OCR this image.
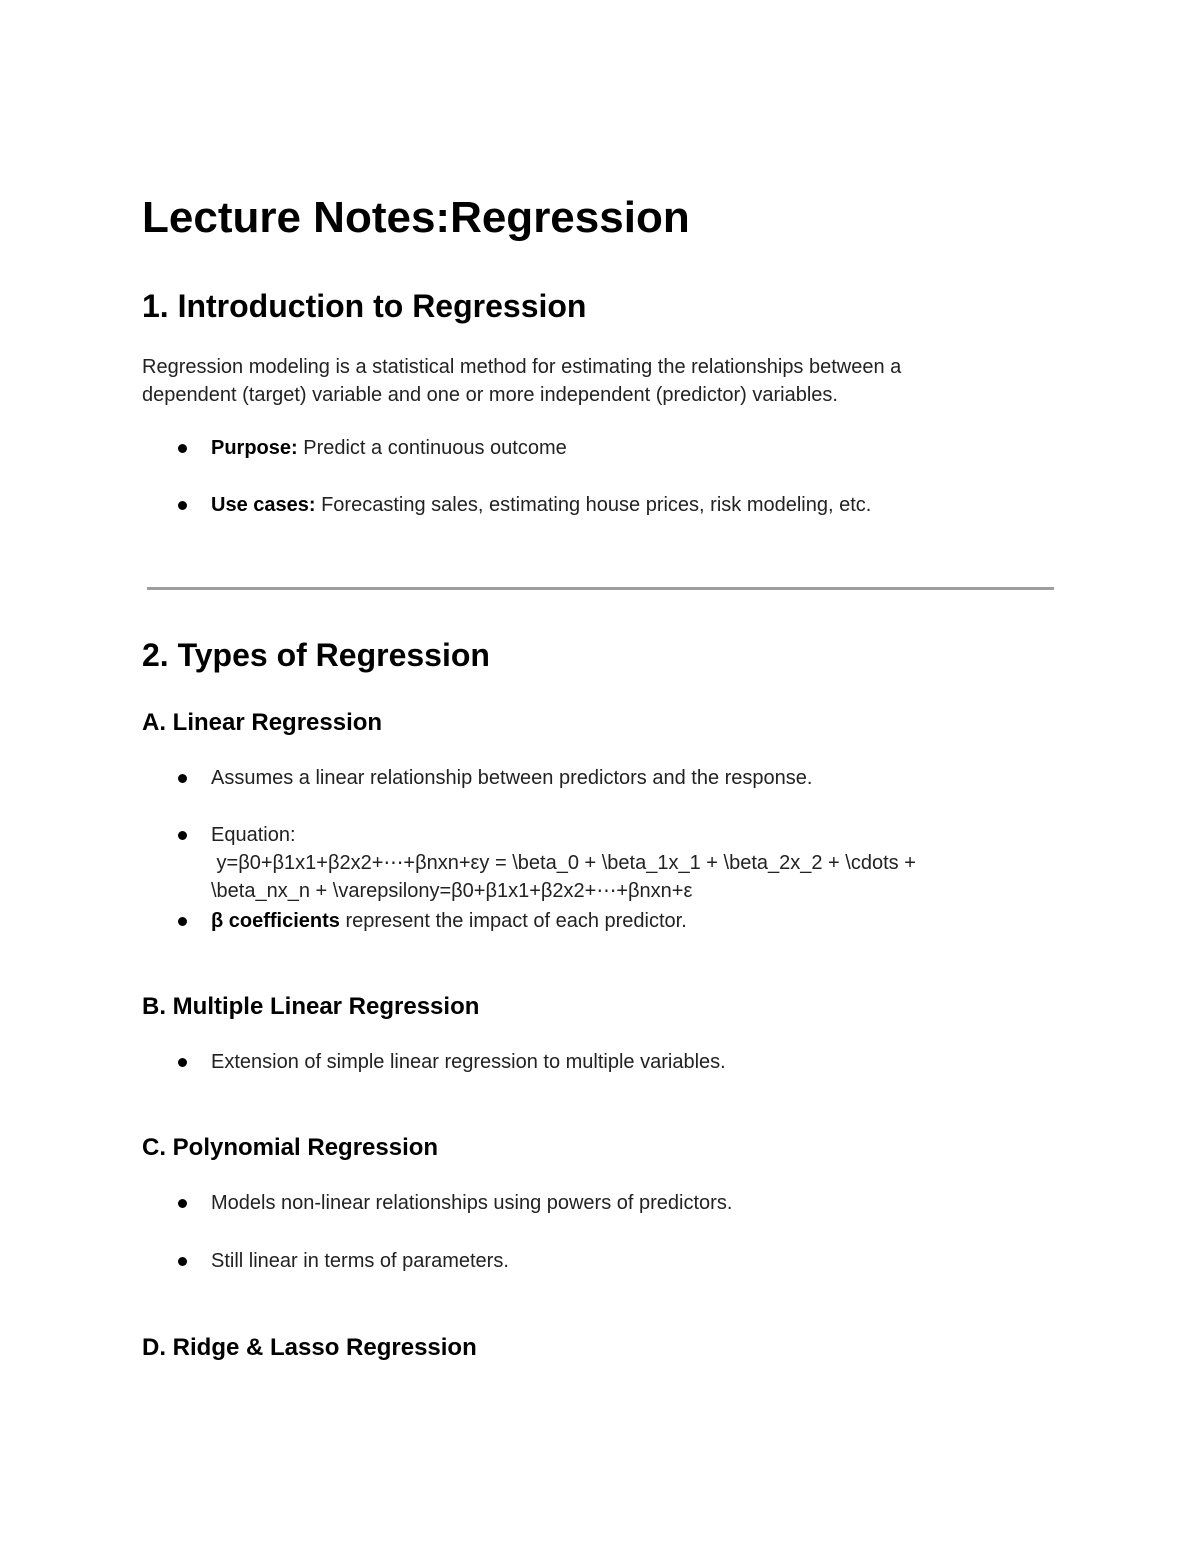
Lecture Notes:Regression
1. Introduction to Regression
Regression modeling is a statistical method for estimating the relationships between a
dependent (target) variable and one or more independent (predictor) variables.
Purpose: Predict a continuous outcome
Use cases: Forecasting sales, estimating house prices, risk modeling, etc.
2. Types of Regression
A. Linear Regression
Assumes a linear relationship between predictors and the response.
Equation:
y=β0+β1x1+β2x2+⋯+βnxn+εy = \beta_0 + \beta_1x_1 + \beta_2x_2 + \cdots +
\beta_nx_n + \varepsilony=β0+β1x1+β2x2+⋯+βnxn+ε
β coefficients represent the impact of each predictor.
B. Multiple Linear Regression
Extension of simple linear regression to multiple variables.
C. Polynomial Regression
Models non-linear relationships using powers of predictors.
Still linear in terms of parameters.
D. Ridge & Lasso Regression
